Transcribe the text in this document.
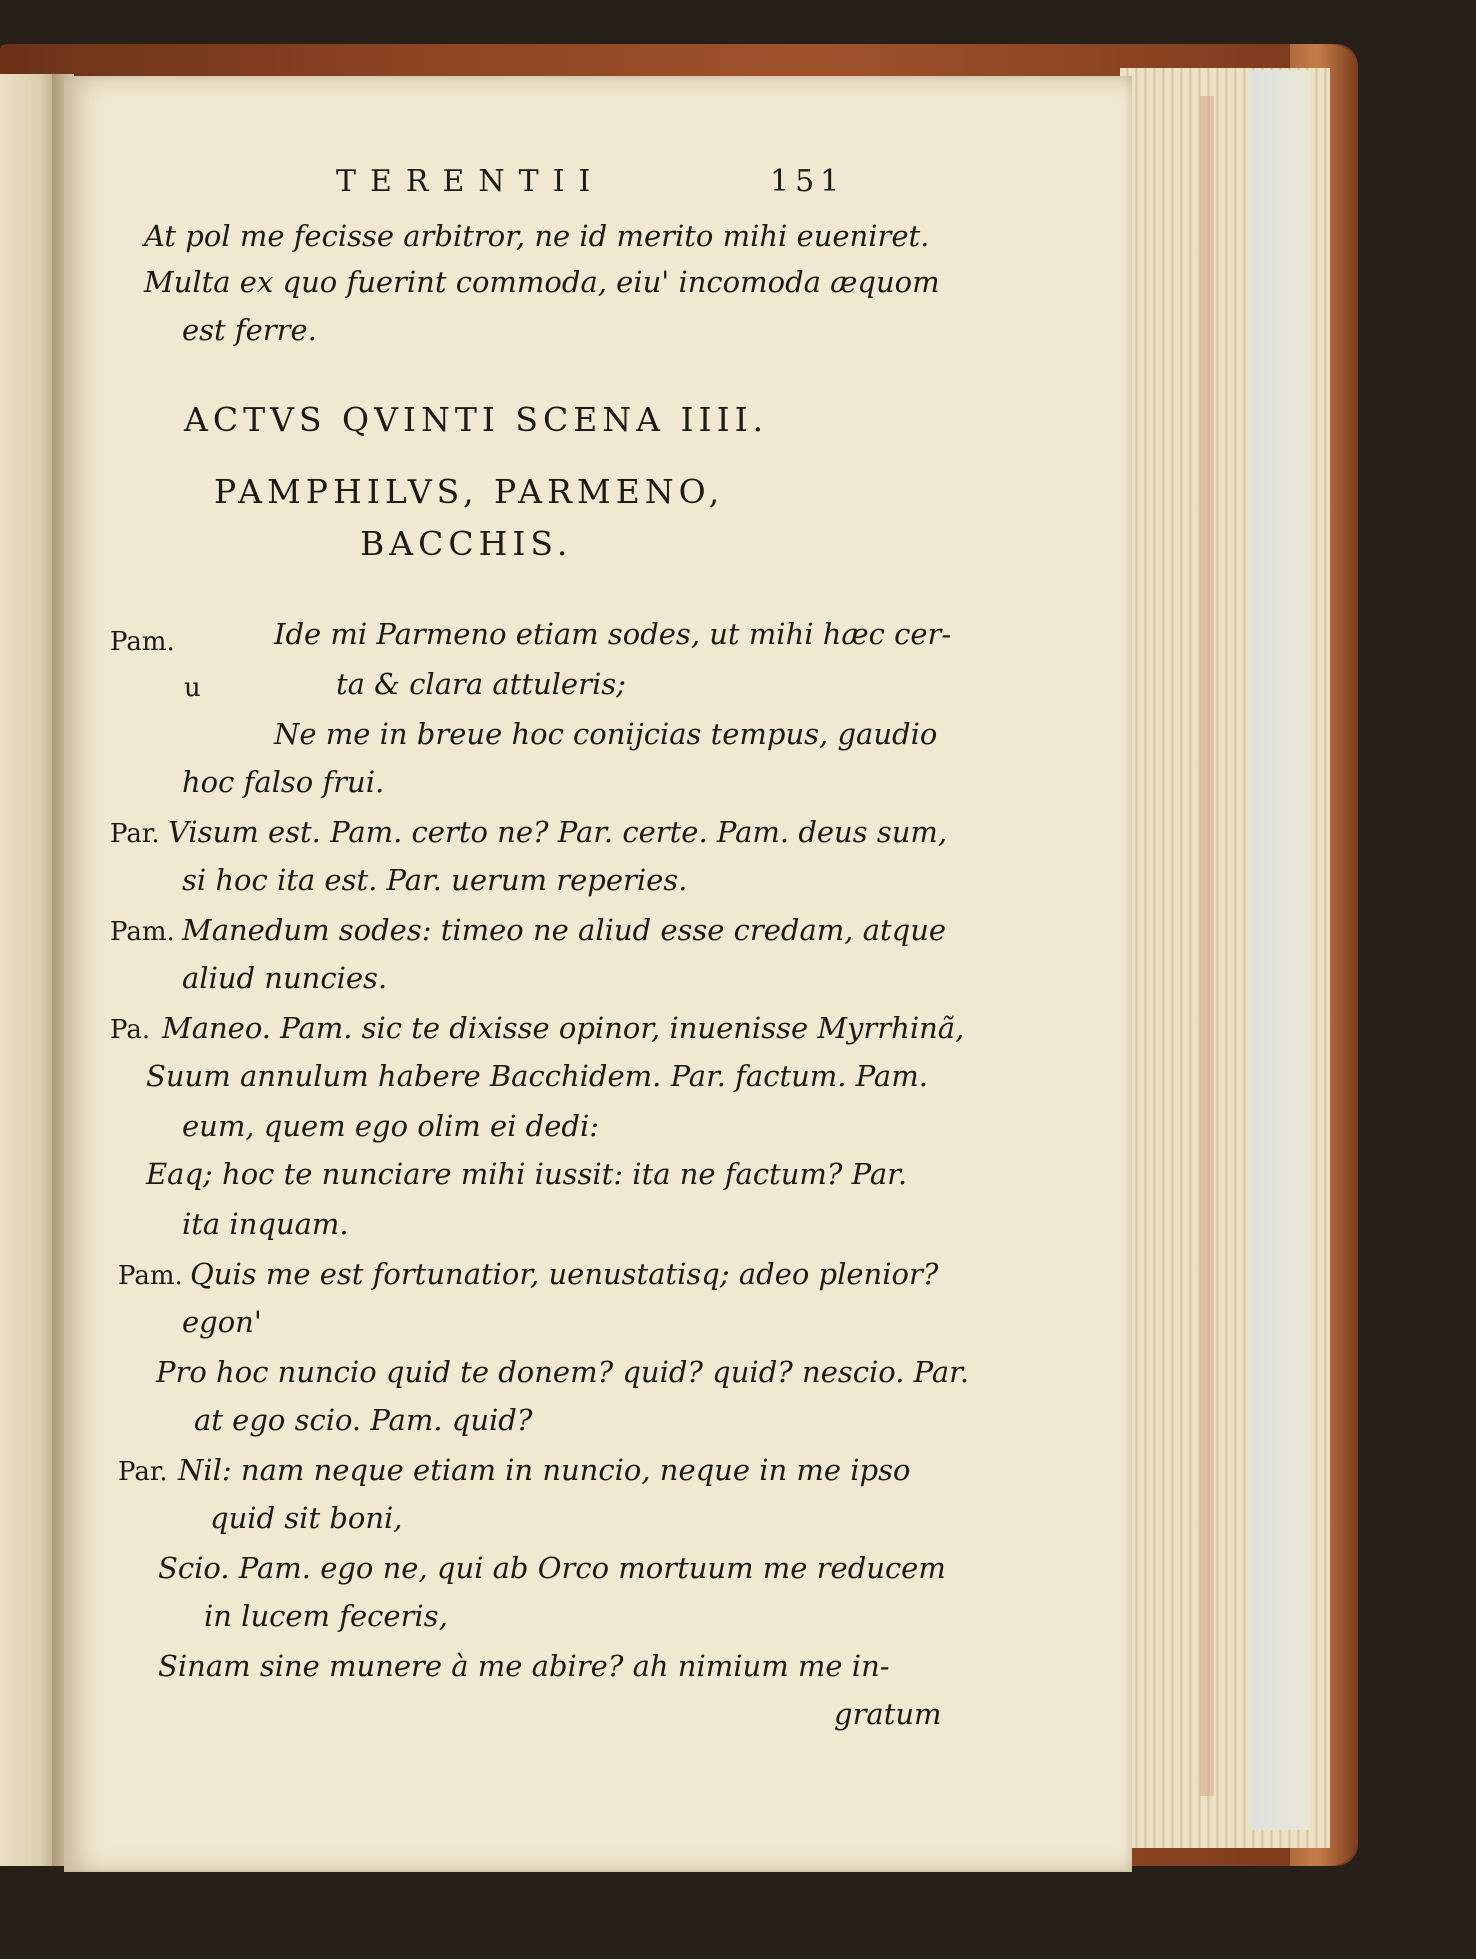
TERENTII	151
At pol me fecisse arbitror, ne id merito mihi eueniret.
Multa ex quo fuerint commoda, eiu' incomoda æquom
est ferre.
ACTVS QVINTI SCENA IIII.
PAMPHILVS, PARMENO,
BACCHIS.
Pam.	Ide mi Parmeno etiam sodes, ut mihi hæc cer-
u	ta & clara attuleris;
Ne me in breue hoc conijcias tempus, gaudio
hoc falso frui.
Par. Visum est. Pam. certo ne? Par. certe. Pam. deus sum,
si hoc ita est. Par. uerum reperies.
Pam. Manedum sodes: timeo ne aliud esse credam, atque
aliud nuncies.
Pa. Maneo. Pam. sic te dixisse opinor, inuenisse Myrrhinã,
Suum annulum habere Bacchidem. Par. factum. Pam.
eum, quem ego olim ei dedi:
Eaq; hoc te nunciare mihi iussit: ita ne factum? Par.
ita inquam.
Pam. Quis me est fortunatior, uenustatisq; adeo plenior?
egon'
Pro hoc nuncio quid te donem? quid? quid? nescio. Par.
at ego scio. Pam. quid?
Par. Nil: nam neque etiam in nuncio, neque in me ipso
quid sit boni,
Scio. Pam. ego ne, qui ab Orco mortuum me reducem
in lucem feceris,
Sinam sine munere à me abire? ah nimium me in-
gratum
